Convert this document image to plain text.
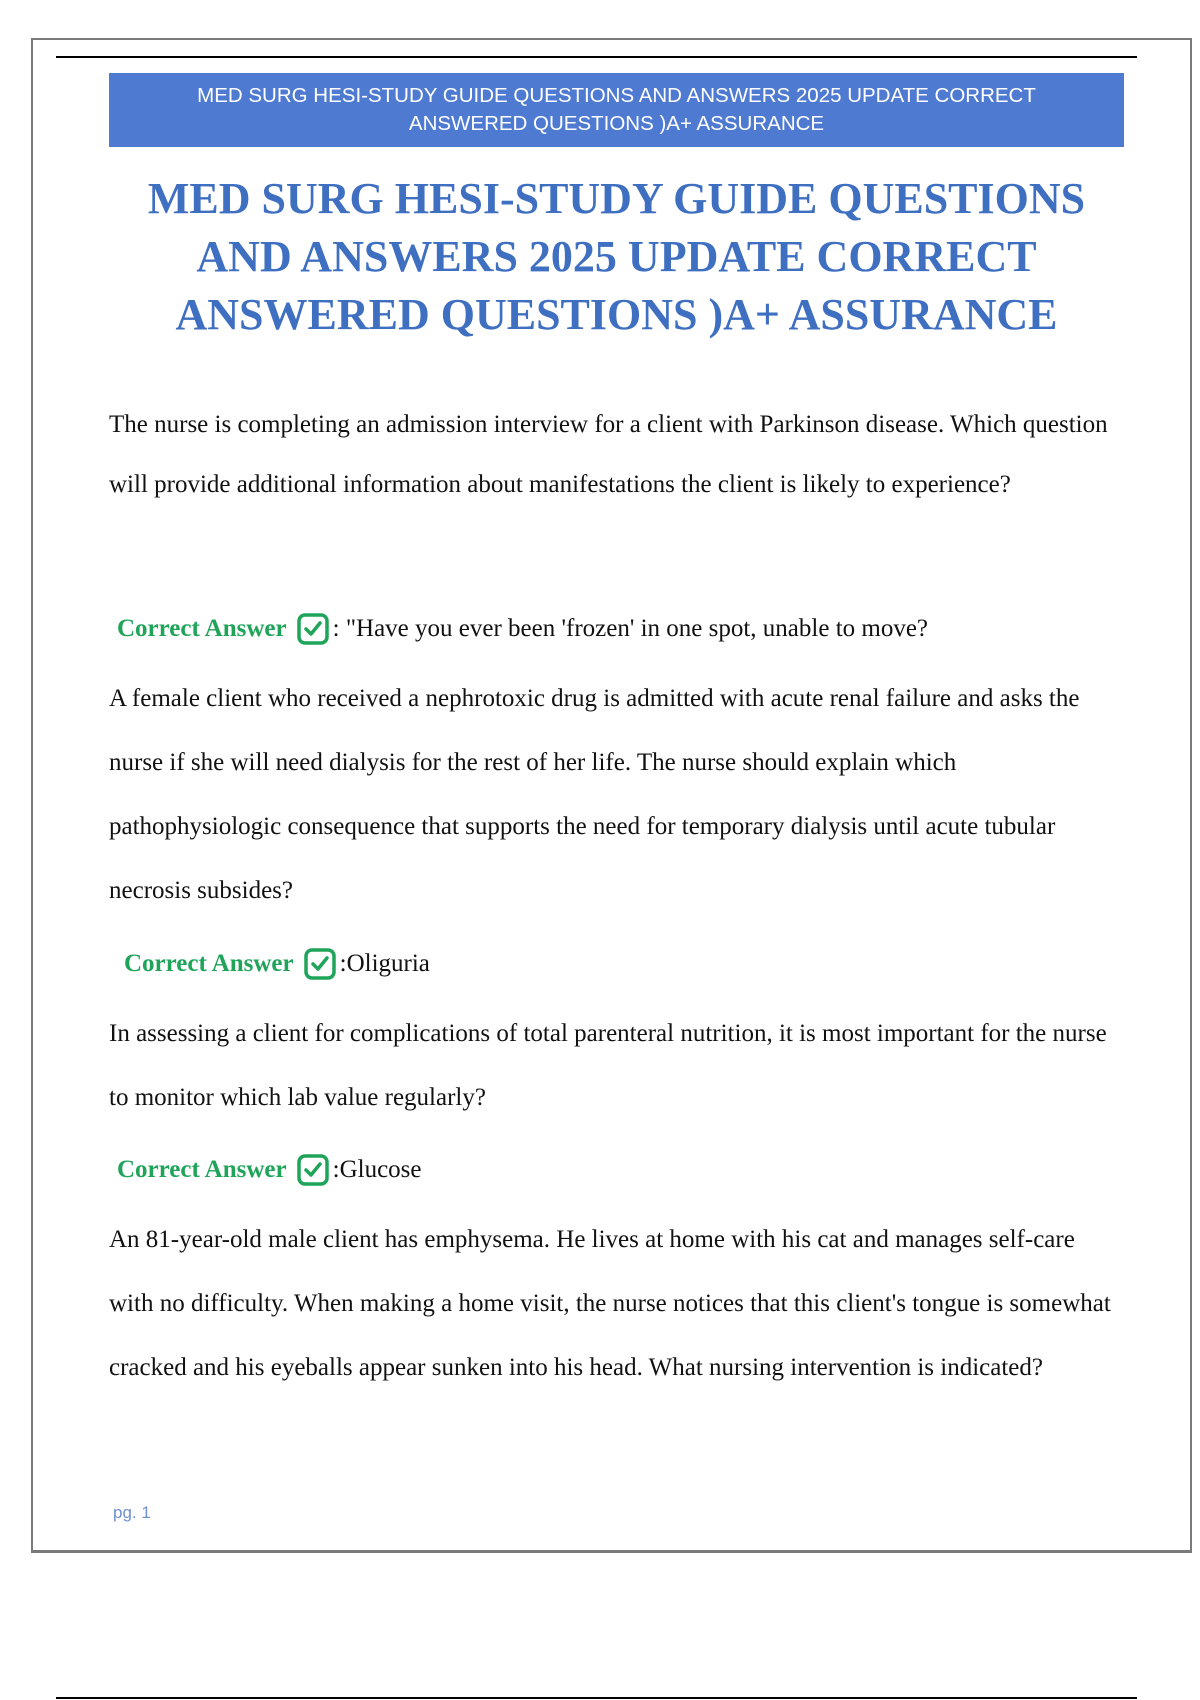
MED SURG HESI-STUDY GUIDE QUESTIONS AND ANSWERS 2025 UPDATE CORRECT ANSWERED QUESTIONS )A+ ASSURANCE
MED SURG HESI-STUDY GUIDE QUESTIONS AND ANSWERS 2025 UPDATE CORRECT ANSWERED QUESTIONS )A+ ASSURANCE
The nurse is completing an admission interview for a client with Parkinson disease. Which question will provide additional information about manifestations the client is likely to experience?
Correct Answer : "Have you ever been 'frozen' in one spot, unable to move?
A female client who received a nephrotoxic drug is admitted with acute renal failure and asks the nurse if she will need dialysis for the rest of her life. The nurse should explain which pathophysiologic consequence that supports the need for temporary dialysis until acute tubular necrosis subsides?
Correct Answer : Oliguria
In assessing a client for complications of total parenteral nutrition, it is most important for the nurse to monitor which lab value regularly?
Correct Answer : Glucose
An 81-year-old male client has emphysema. He lives at home with his cat and manages self-care with no difficulty. When making a home visit, the nurse notices that this client's tongue is somewhat cracked and his eyeballs appear sunken into his head. What nursing intervention is indicated?
pg. 1
